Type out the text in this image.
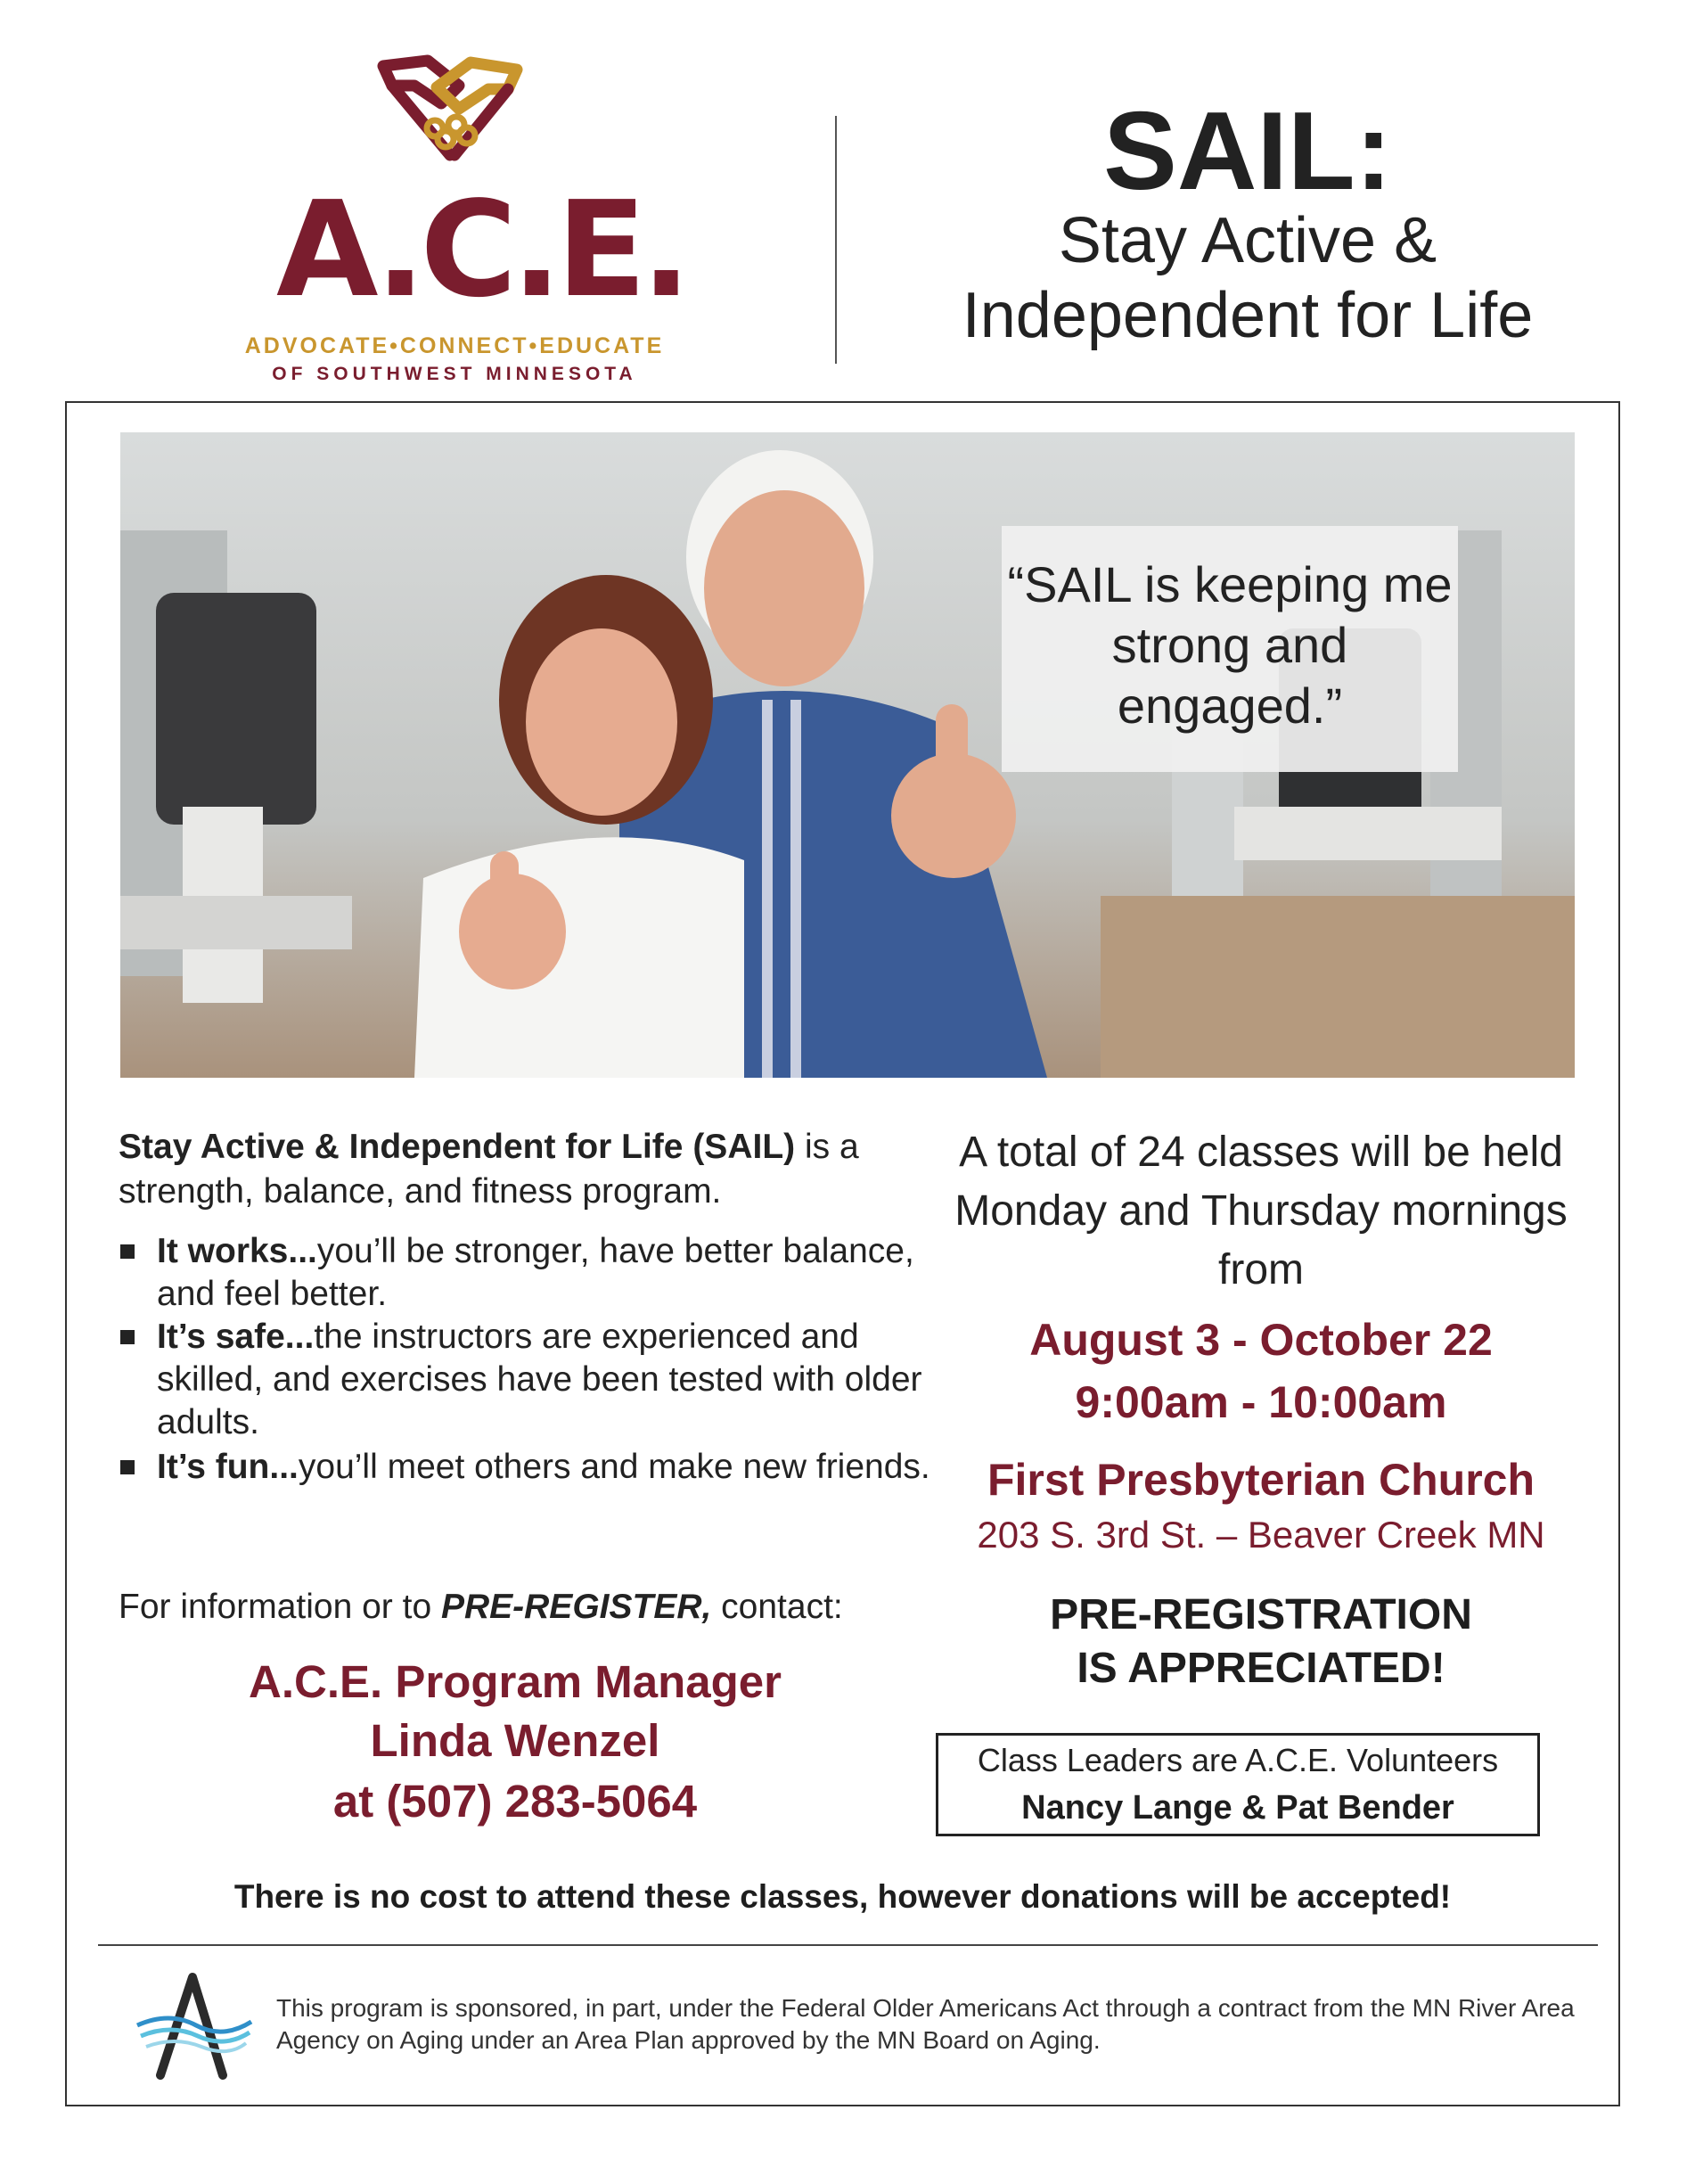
A.C.E.
ADVOCATE•CONNECT•EDUCATE
OF SOUTHWEST MINNESOTA
SAIL:
Stay Active &
Independent for Life
“SAIL is keeping me strong and engaged.”
Stay Active & Independent for Life (SAIL) is a strength, balance, and fitness program.
It works...you’ll be stronger, have better balance, and feel better.
It’s safe...the instructors are experienced and skilled, and exercises have been tested with older adults.
It’s fun...you’ll meet others and make new friends.
For information or to PRE-REGISTER, contact:
A.C.E. Program Manager
Linda Wenzel
at (507) 283-5064
A total of 24 classes will be held Monday and Thursday mornings from
August 3 - October 22
9:00am - 10:00am
First Presbyterian Church
203 S. 3rd St. – Beaver Creek MN
PRE-REGISTRATION
IS APPRECIATED!
Class Leaders are A.C.E. Volunteers
Nancy Lange & Pat Bender
There is no cost to attend these classes, however donations will be accepted!
This program is sponsored, in part, under the Federal Older Americans Act through a contract from the MN River Area Agency on Aging under an Area Plan approved by the MN Board on Aging.
